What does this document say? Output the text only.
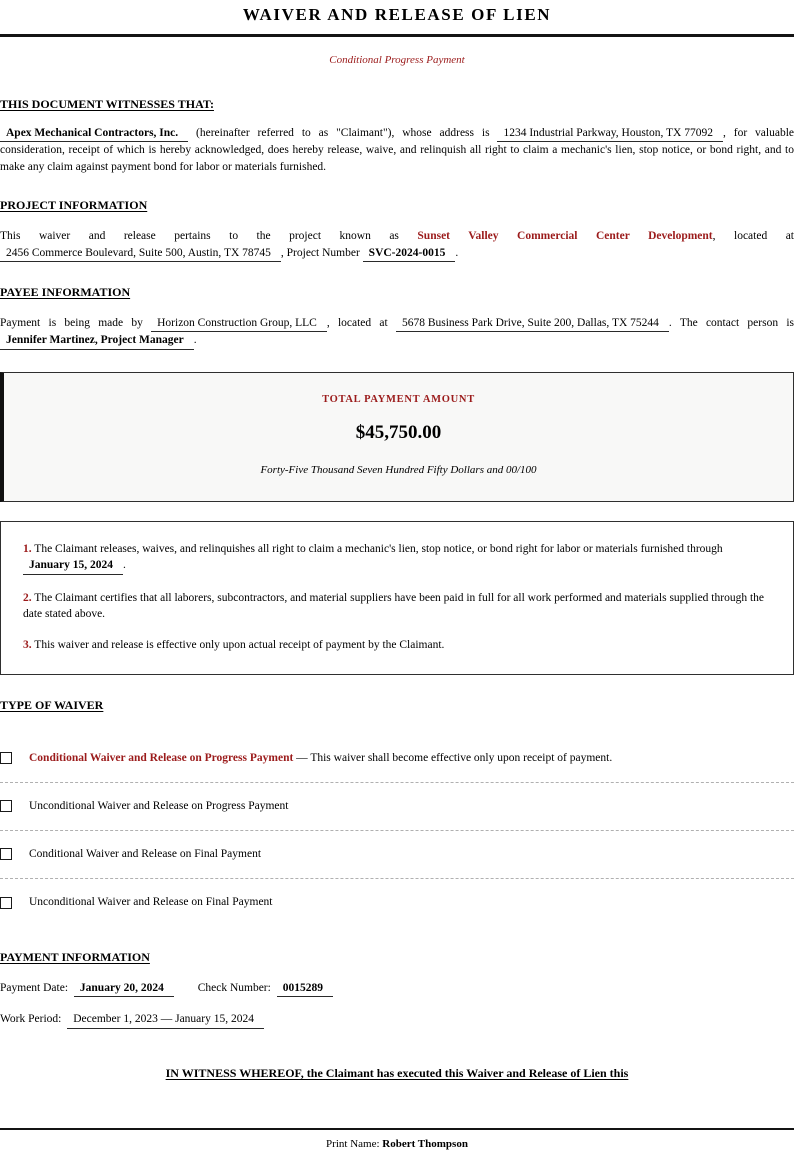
WAIVER AND RELEASE OF LIEN
Conditional Progress Payment
THIS DOCUMENT WITNESSES THAT:

Apex Mechanical Contractors, Inc. (hereinafter referred to as "Claimant"), whose address is 1234 Industrial Parkway, Houston, TX 77092 , for valuable consideration, receipt of which is hereby acknowledged, does hereby release, waive, and relinquish all right to claim a mechanic's lien, stop notice, or bond right, and to make any claim against payment bond for labor or materials furnished.

PROJECT INFORMATION

This waiver and release pertains to the project known as Sunset Valley Commercial Center Development, located at 2456 Commerce Boulevard, Suite 500, Austin, TX 78745 , Project Number SVC-2024-0015 .

PAYEE INFORMATION

Payment is being made by Horizon Construction Group, LLC , located at 5678 Business Park Drive, Suite 200, Dallas, TX 75244 . The contact person is Jennifer Martinez, Project Manager .

TOTAL PAYMENT AMOUNT
$45,750.00
Forty-Five Thousand Seven Hundred Fifty Dollars and 00/100

1. The Claimant releases, waives, and relinquishes all right to claim a mechanic's lien, stop notice, or bond right for labor or materials furnished through January 15, 2024 .

2. The Claimant certifies that all laborers, subcontractors, and material suppliers have been paid in full for all work performed and materials supplied through the date stated above.

3. This waiver and release is effective only upon actual receipt of payment by the Claimant.

TYPE OF WAIVER
Conditional Waiver and Release on Progress Payment — This waiver shall become effective only upon receipt of payment.
Unconditional Waiver and Release on Progress Payment
Conditional Waiver and Release on Final Payment
Unconditional Waiver and Release on Final Payment
PAYMENT INFORMATION
Payment Date: January 20, 2024	Check Number: 0015289
Work Period: December 1, 2023 — January 15, 2024
IN WITNESS WHEREOF, the Claimant has executed this Waiver and Release of Lien this
Print Name: Robert Thompson
